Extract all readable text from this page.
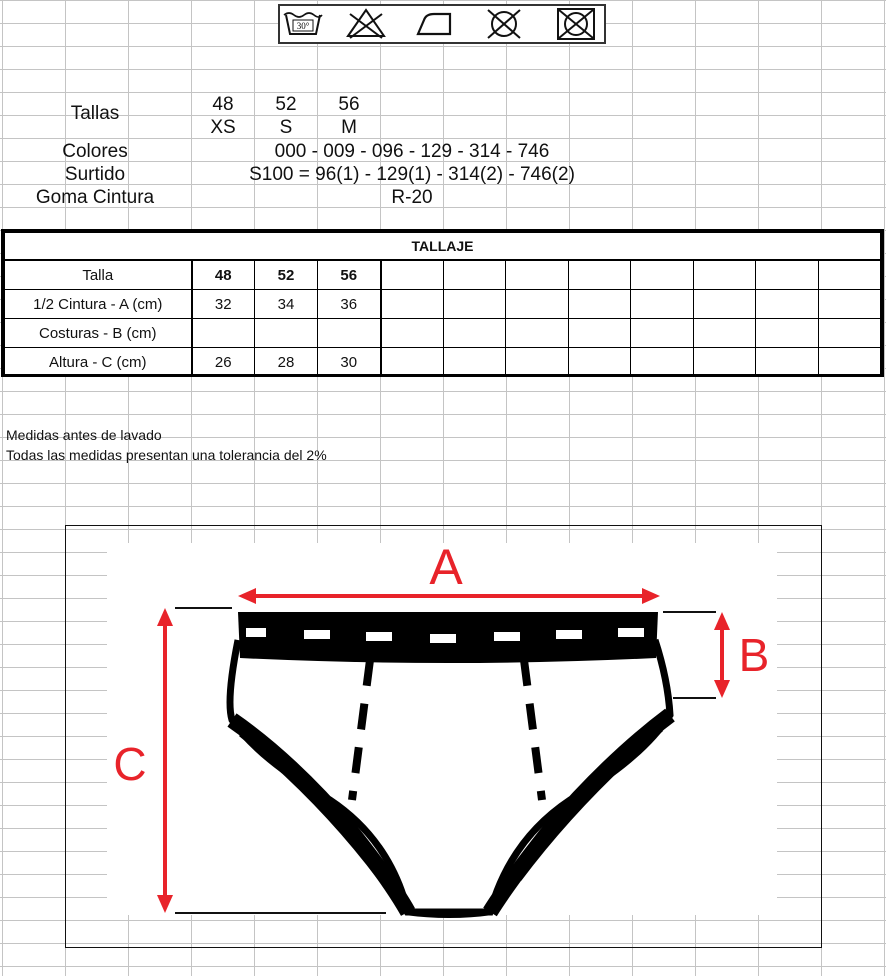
30°
Tallas	48	52	56
XS	S	M
Colores	000 - 009 - 096 - 129 - 314 - 746
Surtido	S100 = 96(1) - 129(1) - 314(2) - 746(2)
Goma Cintura	R-20
TALLAJE											
Talla	48	52	56								
1/2 Cintura - A (cm)	32	34	36								
Costuras - B (cm)											
Altura - C (cm)	26	28	30								
Medidas antes de lavado
Todas las medidas presentan una tolerancia del 2%
A
B
C
